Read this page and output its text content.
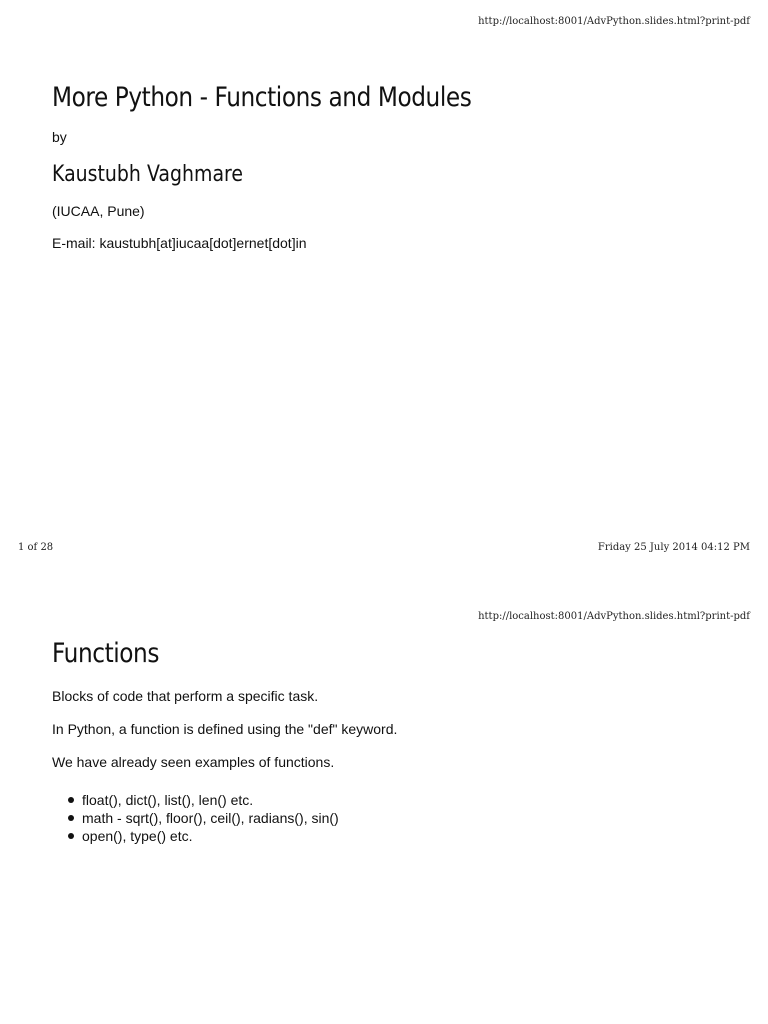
http://localhost:8001/AdvPython.slides.html?print-pdf
More Python - Functions and Modules

by

Kaustubh Vaghmare

(IUCAA, Pune)

E-mail: kaustubh[at]iucaa[dot]ernet[dot]in

1 of 28	Friday 25 July 2014 04:12 PM
http://localhost:8001/AdvPython.slides.html?print-pdf
Functions

Blocks of code that perform a specific task.

In Python, a function is defined using the "def" keyword.

We have already seen examples of functions.

float(), dict(), list(), len() etc.
math - sqrt(), floor(), ceil(), radians(), sin()
open(), type() etc.
